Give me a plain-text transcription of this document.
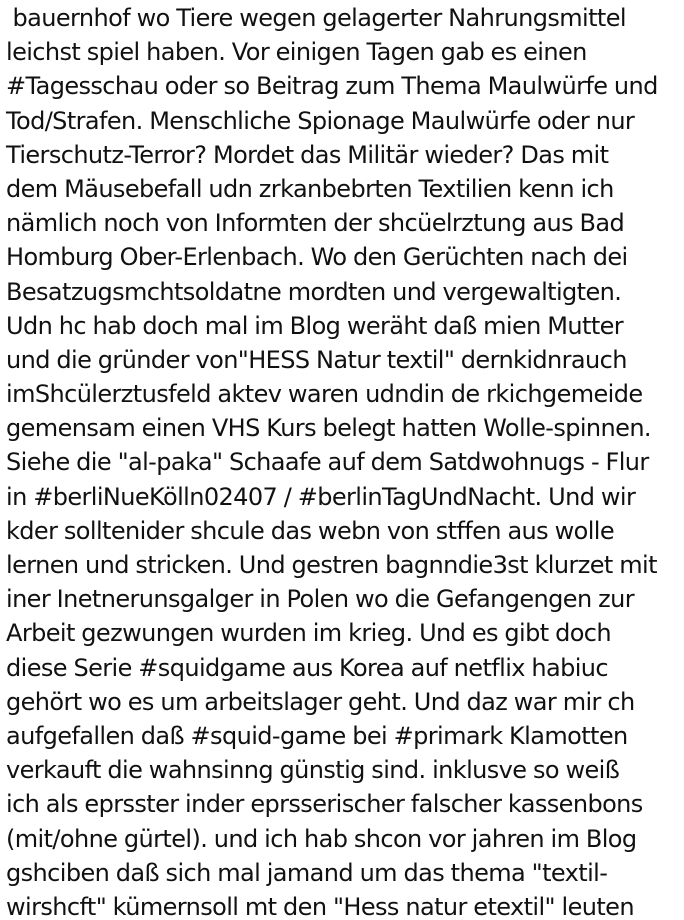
bauernhof wo Tiere wegen gelagerter Nahrungsmittel
leichst spiel haben. Vor einigen Tagen gab es einen
#Tagesschau oder so Beitrag zum Thema Maulwürfe und
Tod/Strafen. Menschliche Spionage Maulwürfe oder nur
Tierschutz-Terror? Mordet das Militär wieder? Das mit
dem Mäusebefall udn zrkanbebrten Textilien kenn ich
nämlich noch von Informten der shcüelrztung aus Bad
Homburg Ober-Erlenbach. Wo den Gerüchten nach dei
Besatzugsmchtsoldatne mordten und vergewaltigten.
Udn hc hab doch mal im Blog weräht daß mien Mutter
und die gründer von"HESS Natur textil" dernkidnrauch
imShcülerztusfeld aktev waren udndin de rkichgemeide
gemensam einen VHS Kurs belegt hatten Wolle-spinnen.
Siehe die "al-paka" Schaafe auf dem Satdwohnugs - Flur
in #berliNueKölln02407 / #berlinTagUndNacht. Und wir
kder solltenider shcule das webn von stffen aus wolle
lernen und stricken. Und gestren bagnndie3st klurzet mit
iner Inetnerunsgalger in Polen wo die Gefangengen zur
Arbeit gezwungen wurden im krieg. Und es gibt doch
diese Serie #squidgame aus Korea auf netflix habiuc
gehört wo es um arbeitslager geht. Und daz war mir ch
aufgefallen daß #squid-game bei #primark Klamotten
verkauft die wahnsinng günstig sind. inklusve so weiß
ich als eprsster inder eprsserischer falscher kassenbons
(mit/ohne gürtel). und ich hab shcon vor jahren im Blog
gshciben daß sich mal jamand um das thema "textil-
wirshcft" kümernsoll mt den "Hess natur etextil" leuten
